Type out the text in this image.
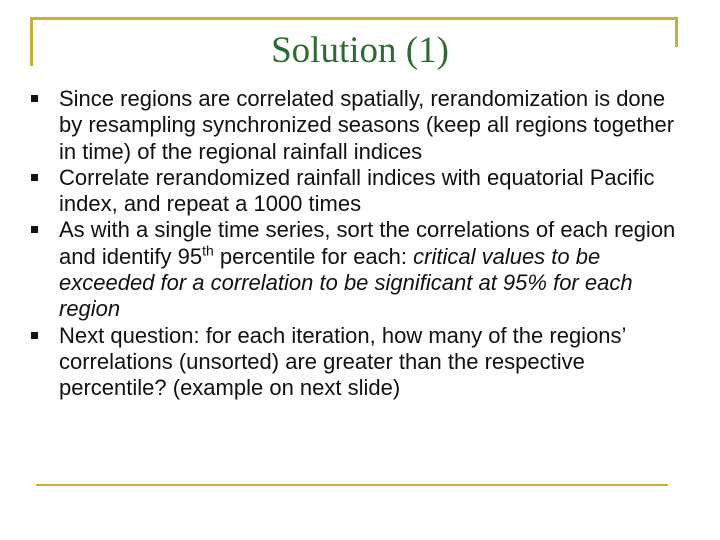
Solution (1)
Since regions are correlated spatially, rerandomization is done by resampling synchronized seasons (keep all regions together in time) of the regional rainfall indices
Correlate rerandomized rainfall indices with equatorial Pacific index, and repeat a 1000 times
As with a single time series, sort the correlations of each region and identify 95th percentile for each: critical values to be exceeded for a correlation to be significant at 95% for each region
Next question: for each iteration, how many of the regions’ correlations (unsorted) are greater than the respective percentile? (example on next slide)
